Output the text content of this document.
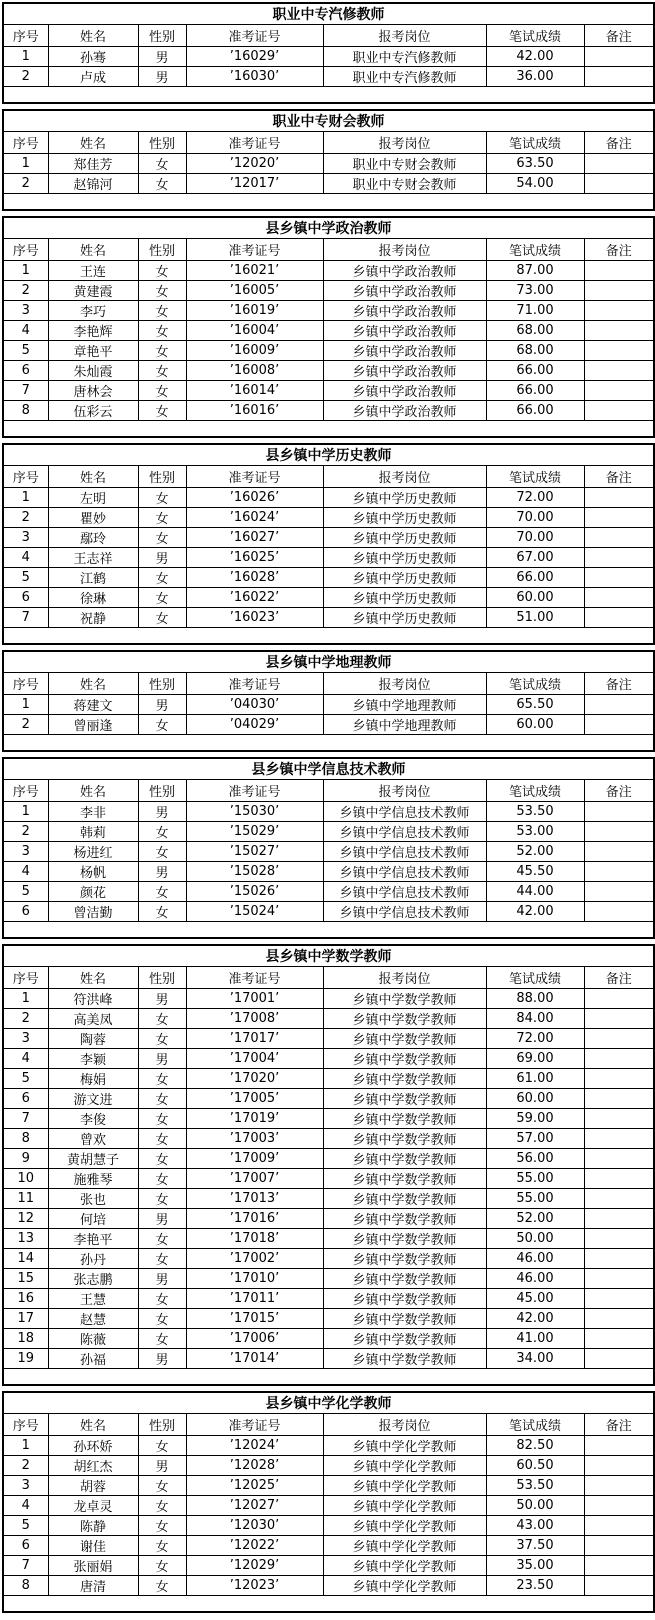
职业中专汽修教师						
序号	姓名	性别	准考证号	报考岗位	笔试成绩	备注
1	孙骞	男	’16029’	职业中专汽修教师	42.00	
2	卢成	男	’16030’	职业中专汽修教师	36.00	

职业中专财会教师						
序号	姓名	性别	准考证号	报考岗位	笔试成绩	备注
1	郑佳芳	女	’12020’	职业中专财会教师	63.50	
2	赵锦河	女	’12017’	职业中专财会教师	54.00	

县乡镇中学政治教师						
序号	姓名	性别	准考证号	报考岗位	笔试成绩	备注
1	王连	女	’16021’	乡镇中学政治教师	87.00	
2	黄建霞	女	’16005’	乡镇中学政治教师	73.00	
3	李巧	女	’16019’	乡镇中学政治教师	71.00	
4	李艳辉	女	’16004’	乡镇中学政治教师	68.00	
5	章艳平	女	’16009’	乡镇中学政治教师	68.00	
6	朱灿霞	女	’16008’	乡镇中学政治教师	66.00	
7	唐林会	女	’16014’	乡镇中学政治教师	66.00	
8	伍彩云	女	’16016’	乡镇中学政治教师	66.00	

县乡镇中学历史教师						
序号	姓名	性别	准考证号	报考岗位	笔试成绩	备注
1	左明	女	’16026’	乡镇中学历史教师	72.00	
2	瞿妙	女	’16024’	乡镇中学历史教师	70.00	
3	鄢玲	女	’16027’	乡镇中学历史教师	70.00	
4	王志祥	男	’16025’	乡镇中学历史教师	67.00	
5	江鹤	女	’16028’	乡镇中学历史教师	66.00	
6	徐琳	女	’16022’	乡镇中学历史教师	60.00	
7	祝静	女	’16023’	乡镇中学历史教师	51.00	

县乡镇中学地理教师						
序号	姓名	性别	准考证号	报考岗位	笔试成绩	备注
1	蒋建文	男	’04030’	乡镇中学地理教师	65.50	
2	曾丽逢	女	’04029’	乡镇中学地理教师	60.00	

县乡镇中学信息技术教师						
序号	姓名	性别	准考证号	报考岗位	笔试成绩	备注
1	李非	男	’15030’	乡镇中学信息技术教师	53.50	
2	韩莉	女	’15029’	乡镇中学信息技术教师	53.00	
3	杨进红	女	’15027’	乡镇中学信息技术教师	52.00	
4	杨帆	男	’15028’	乡镇中学信息技术教师	45.50	
5	颜花	女	’15026’	乡镇中学信息技术教师	44.00	
6	曾洁勤	女	’15024’	乡镇中学信息技术教师	42.00	

县乡镇中学数学教师						
序号	姓名	性别	准考证号	报考岗位	笔试成绩	备注
1	符洪峰	男	’17001’	乡镇中学数学教师	88.00	
2	高美凤	女	’17008’	乡镇中学数学教师	84.00	
3	陶蓉	女	’17017’	乡镇中学数学教师	72.00	
4	李颖	男	’17004’	乡镇中学数学教师	69.00	
5	梅娟	女	’17020’	乡镇中学数学教师	61.00	
6	游文进	女	’17005’	乡镇中学数学教师	60.00	
7	李俊	女	’17019’	乡镇中学数学教师	59.00	
8	曾欢	女	’17003’	乡镇中学数学教师	57.00	
9	黄胡慧子	女	’17009’	乡镇中学数学教师	56.00	
10	施雅琴	女	’17007’	乡镇中学数学教师	55.00	
11	张也	女	’17013’	乡镇中学数学教师	55.00	
12	何培	男	’17016’	乡镇中学数学教师	52.00	
13	李艳平	女	’17018’	乡镇中学数学教师	50.00	
14	孙丹	女	’17002’	乡镇中学数学教师	46.00	
15	张志鹏	男	’17010’	乡镇中学数学教师	46.00	
16	王慧	女	’17011’	乡镇中学数学教师	45.00	
17	赵慧	女	’17015’	乡镇中学数学教师	42.00	
18	陈薇	女	’17006’	乡镇中学数学教师	41.00	
19	孙福	男	’17014’	乡镇中学数学教师	34.00	

县乡镇中学化学教师						
序号	姓名	性别	准考证号	报考岗位	笔试成绩	备注
1	孙环娇	女	’12024’	乡镇中学化学教师	82.50	
2	胡红杰	男	’12028’	乡镇中学化学教师	60.50	
3	胡蓉	女	’12025’	乡镇中学化学教师	53.50	
4	龙卓灵	女	’12027’	乡镇中学化学教师	50.00	
5	陈静	女	’12030’	乡镇中学化学教师	43.00	
6	谢佳	女	’12022’	乡镇中学化学教师	37.50	
7	张丽娟	女	’12029’	乡镇中学化学教师	35.00	
8	唐清	女	’12023’	乡镇中学化学教师	23.50	
